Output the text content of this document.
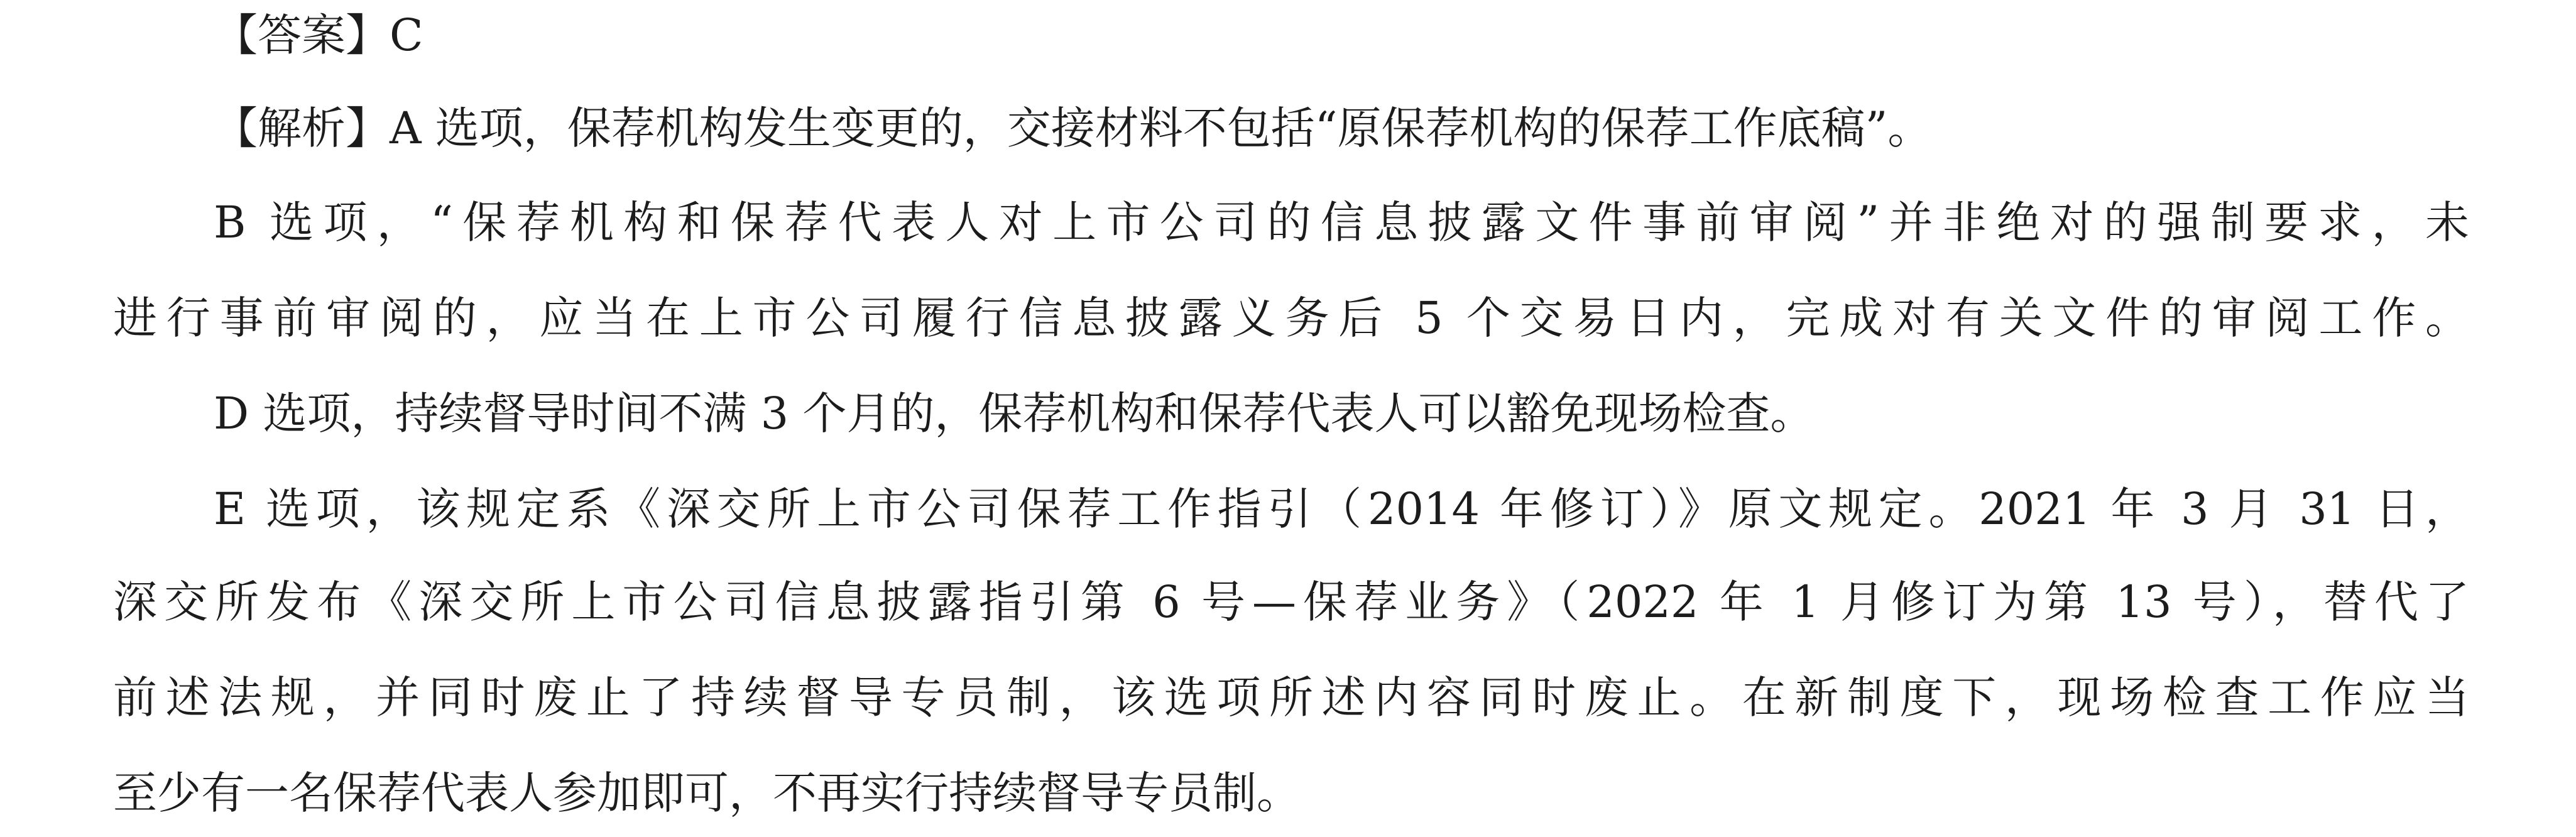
【答案】C
【解析】A 选项，保荐机构发生变更的，交接材料不包括“原保荐机构的保荐工作底稿”。
B 选项，“保荐机构和保荐代表人对上市公司的信息披露文件事前审阅”并非绝对的强制要求，未
进行事前审阅的，应当在上市公司履行信息披露义务后 5 个交易日内，完成对有关文件的审阅工作。
D 选项，持续督导时间不满 3 个月的，保荐机构和保荐代表人可以豁免现场检查。
E 选项，该规定系《深交所上市公司保荐工作指引（2014 年修订）》原文规定。2021 年 3 月 31 日，
深交所发布《深交所上市公司信息披露指引第 6 号—保荐业务》（2022 年 1 月修订为第 13 号），替代了
前述法规，并同时废止了持续督导专员制，该选项所述内容同时废止。在新制度下，现场检查工作应当
至少有一名保荐代表人参加即可，不再实行持续督导专员制。
